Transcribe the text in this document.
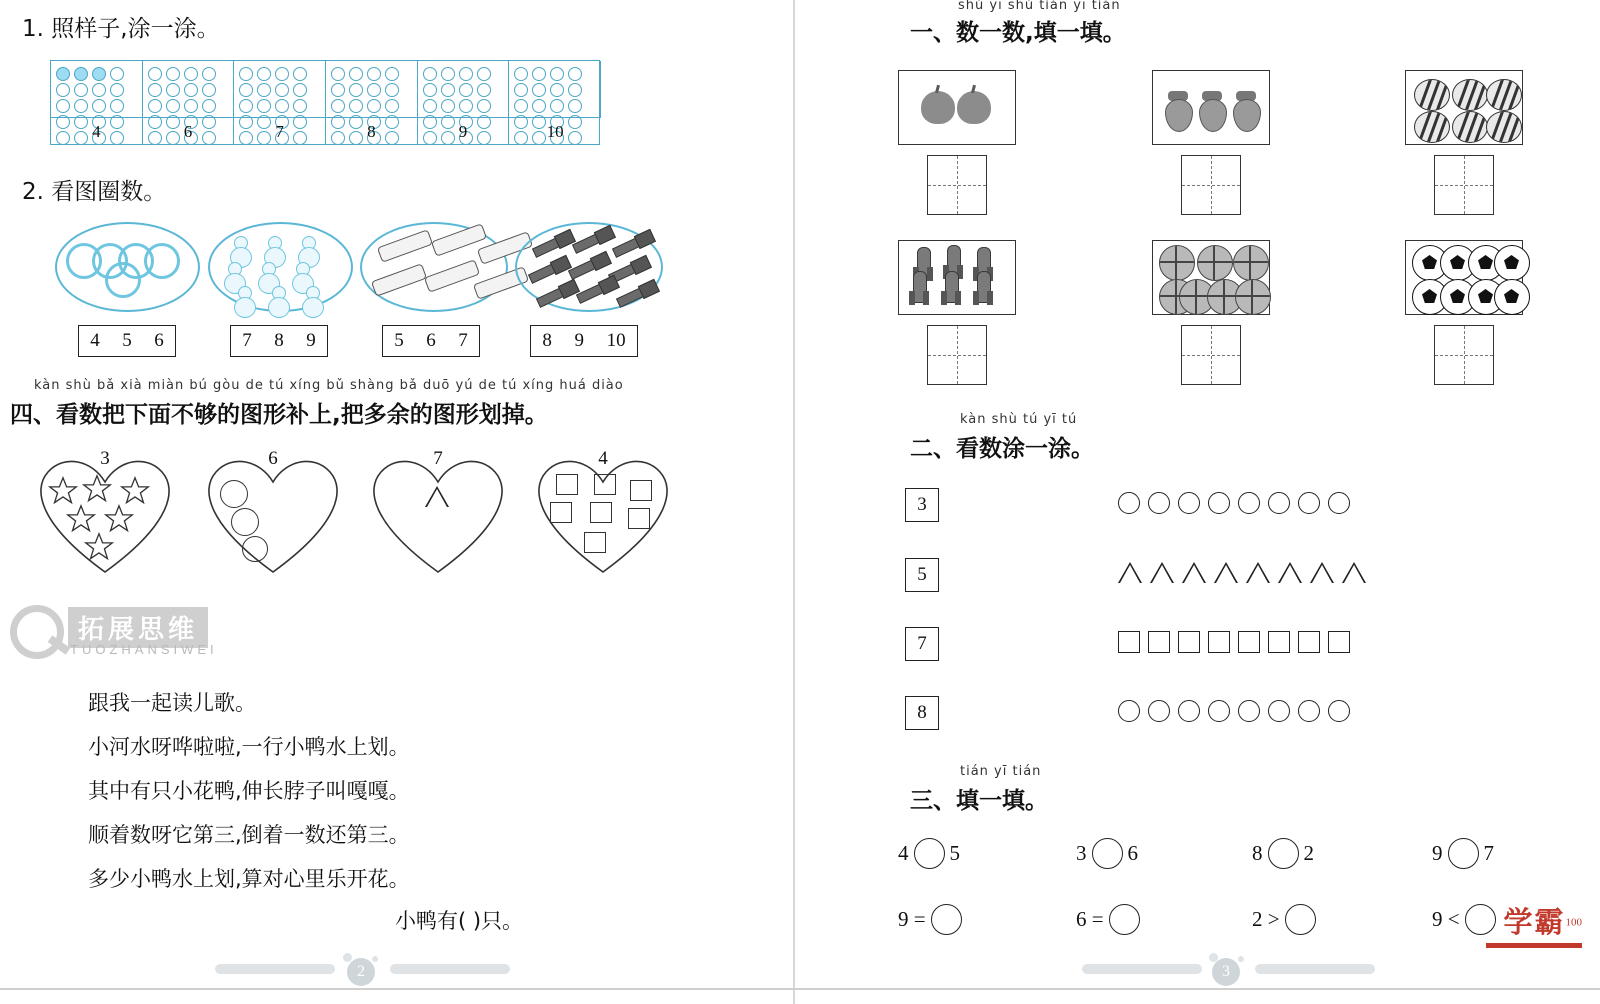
1. 照样子,涂一涂。
4	6	7	8	9	10
2. 看图圈数。
4 5 6	7 8 9	5 6 7	8 9 10
kàn shù bǎ xià miàn bú gòu de tú xíng bǔ shàng bǎ duō yú de tú xíng huá diào
四、看数把下面不够的图形补上,把多余的图形划掉。
3	6	7	4
拓展思维
TUOZHANSIWEI
跟我一起读儿歌。
小河水呀哗啦啦,一行小鸭水上划。
其中有只小花鸭,伸长脖子叫嘎嘎。
顺着数呀它第三,倒着一数还第三。
多少小鸭水上划,算对心里乐开花。
小鸭有( )只。
2
shǔ yī shǔ tián yī tián
一、数一数,填一填。
kàn shù tú yī tú
二、看数涂一涂。
3
5
7
8
tián yī tián
三、填一填。
4 5	3 6	8 2	9 7
9 =	6 =	2 >	9 <	学霸$^{100}$
3
